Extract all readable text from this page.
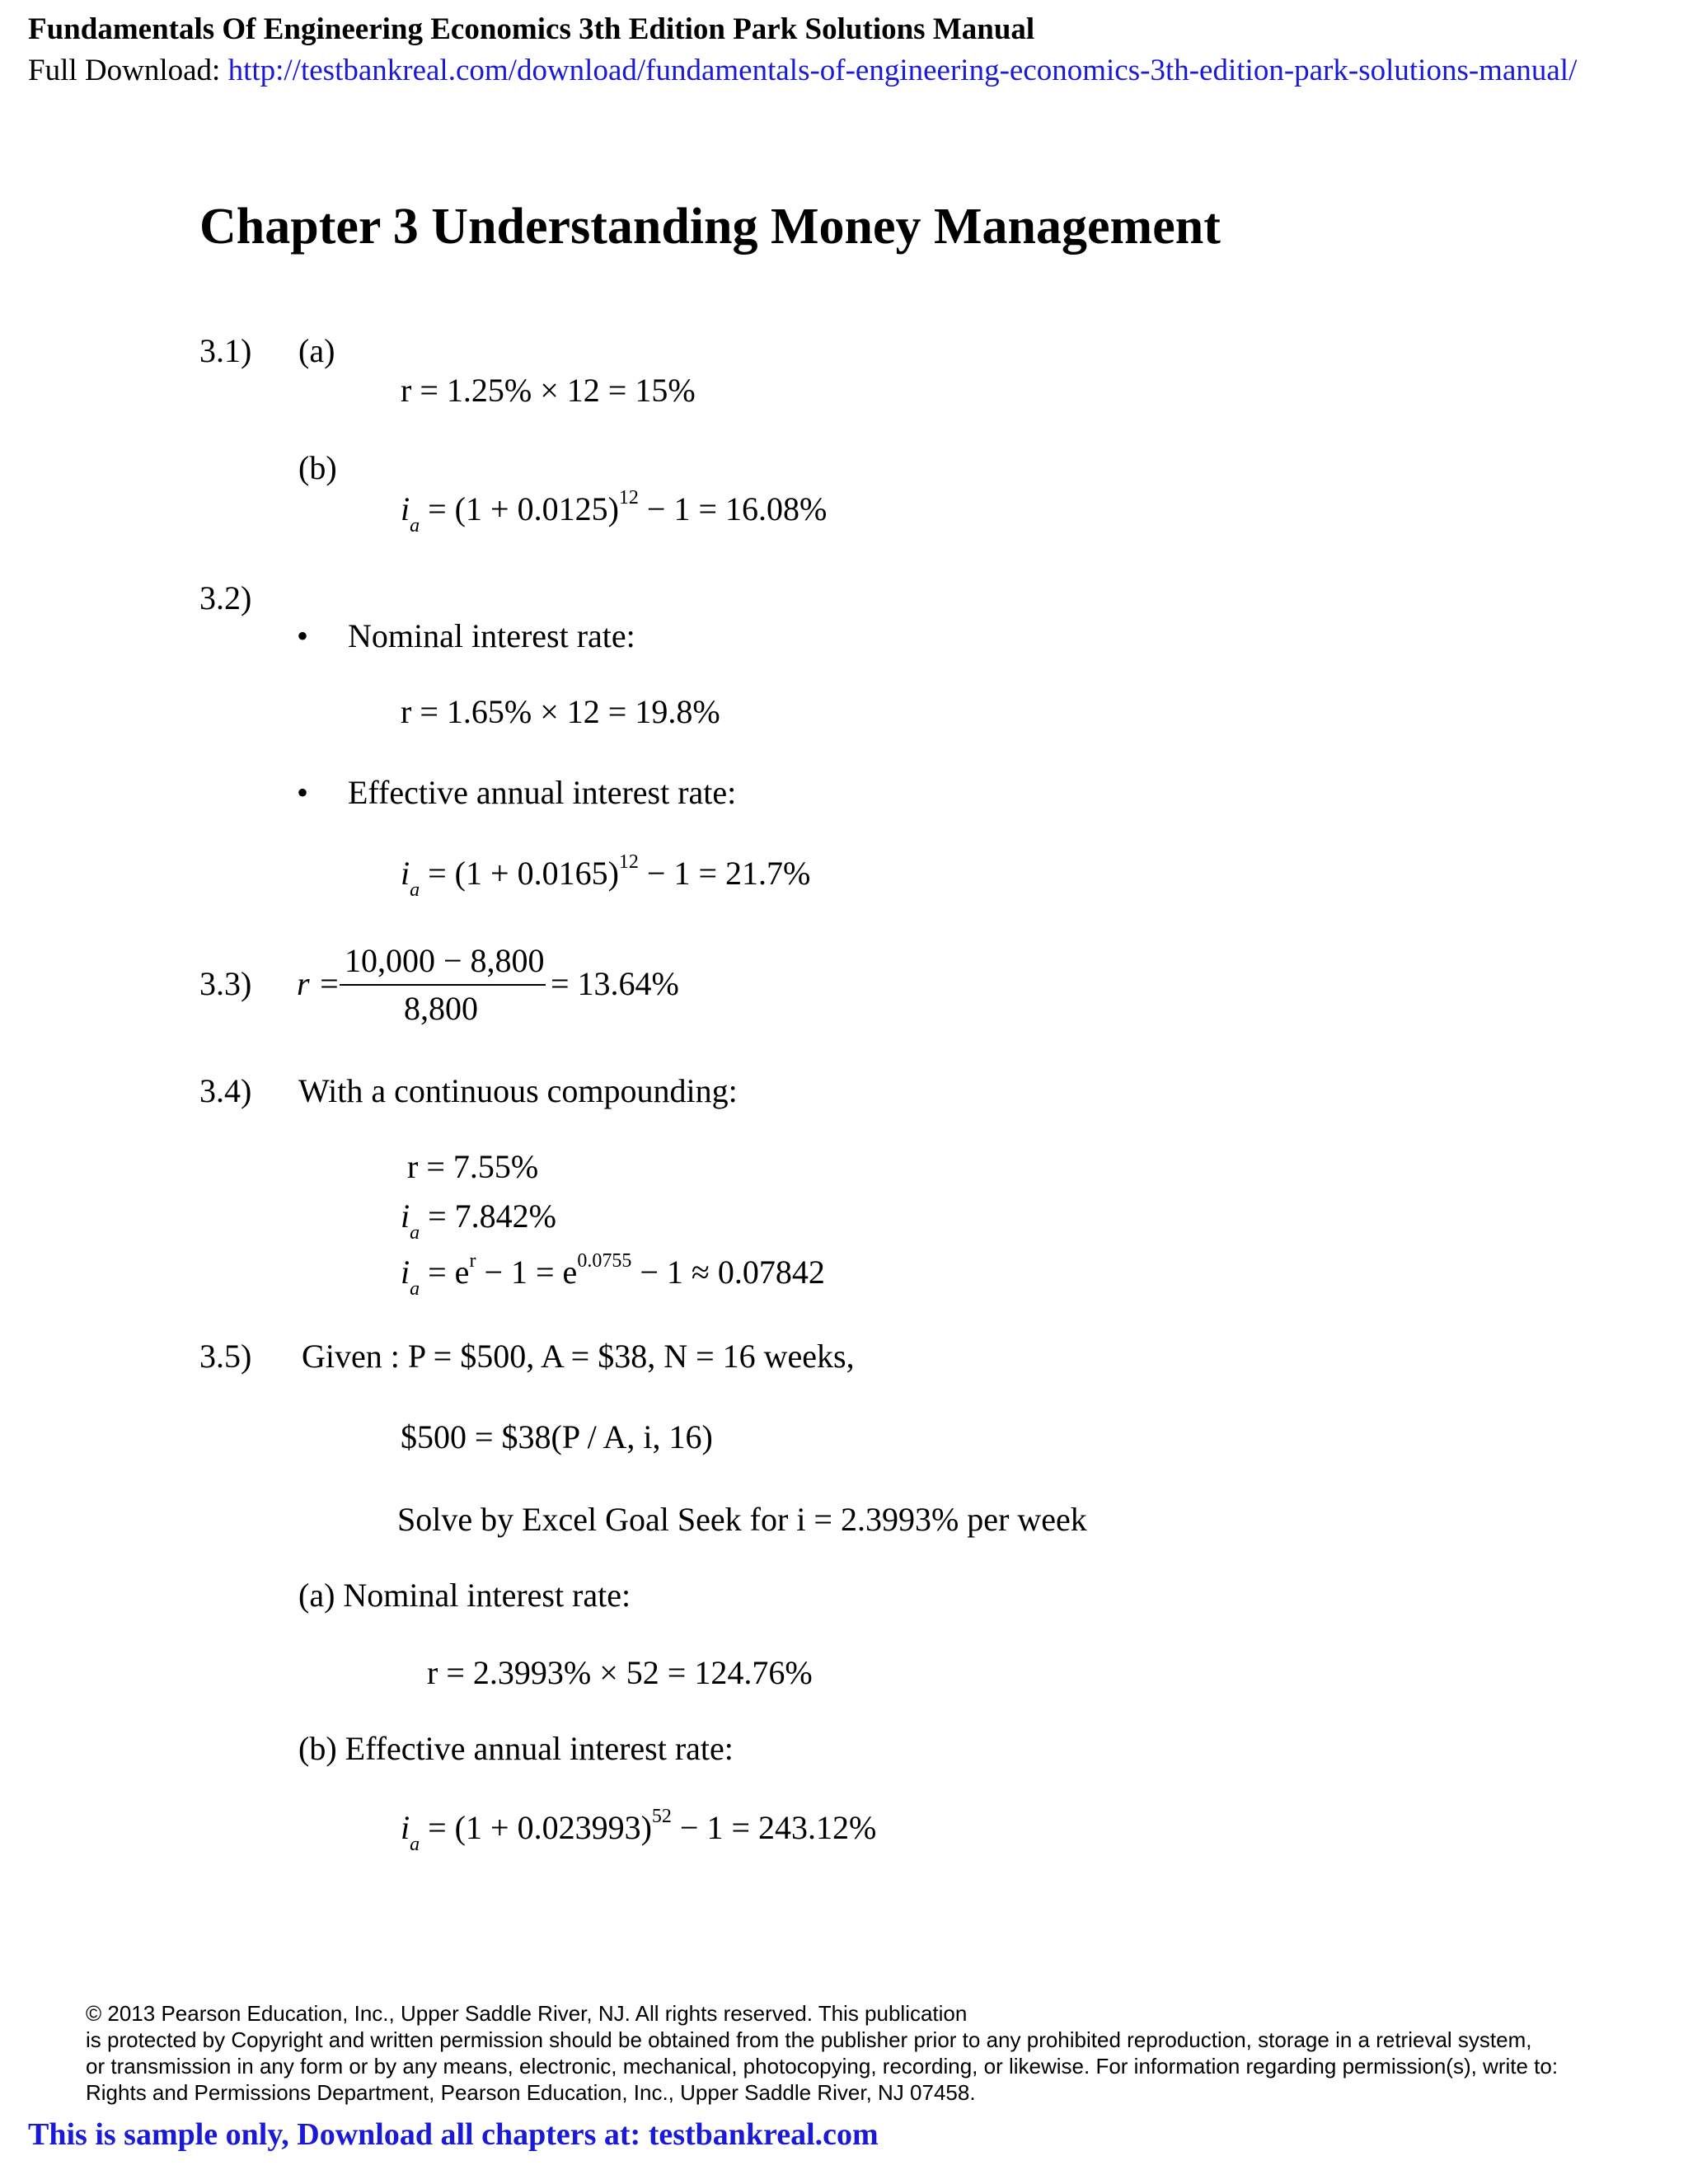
Fundamentals Of Engineering Economics 3th Edition Park Solutions Manual
Full Download: http://testbankreal.com/download/fundamentals-of-engineering-economics-3th-edition-park-solutions-manual/
Chapter 3 Understanding Money Management
3.1) (a)
r = 1.25% × 12 = 15%
(b)
$i_a = (1 + 0.0125)^{12} - 1 = 16.08\%$
3.2)
• Nominal interest rate:
r = 1.65% × 12 = 19.8%
• Effective annual interest rate:
$i_a = (1 + 0.0165)^{12} - 1 = 21.7\%$
3.3) r =
10,000 − 8,800
8,800
= 13.64%
3.4) With a continuous compounding:
r = 7.55%
$i_a = 7.842\%$
$i_a = e^r - 1 = e^{0.0755} - 1 \approx 0.07842$
3.5) Given : P = $500, A = $38, N = 16 weeks,
$500 = $38(P / A, i, 16)
Solve by Excel Goal Seek for i = 2.3993% per week
(a) Nominal interest rate:
r = 2.3993% × 52 = 124.76%
(b) Effective annual interest rate:
$i_a = (1 + 0.023993)^{52} - 1 = 243.12\%$
© 2013 Pearson Education, Inc., Upper Saddle River, NJ. All rights reserved. This publication
is protected by Copyright and written permission should be obtained from the publisher prior to any prohibited reproduction, storage in a retrieval system,
or transmission in any form or by any means, electronic, mechanical, photocopying, recording, or likewise. For information regarding permission(s), write to:
Rights and Permissions Department, Pearson Education, Inc., Upper Saddle River, NJ 07458.
This is sample only, Download all chapters at: testbankreal.com
